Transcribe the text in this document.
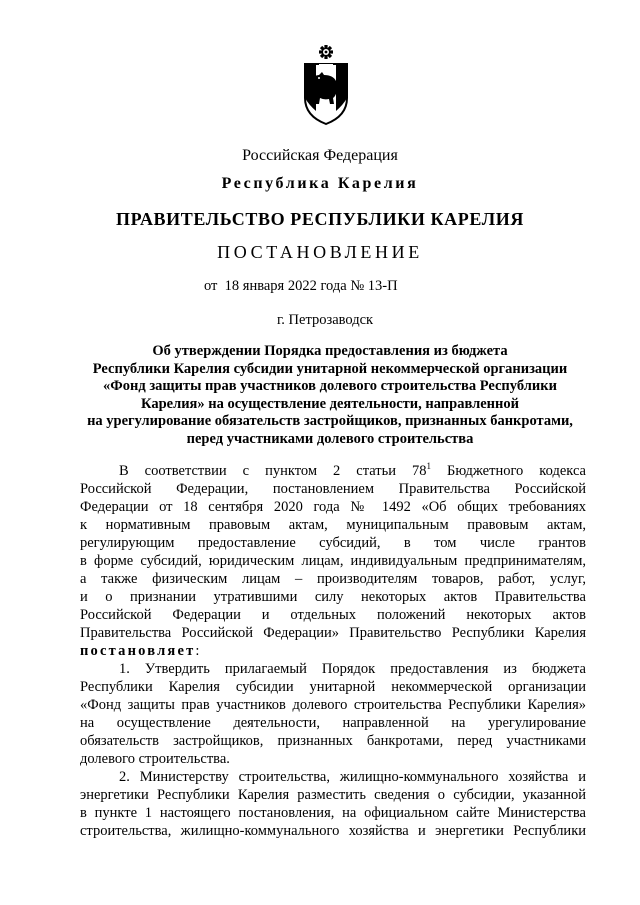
Российская Федерация
Республика Карелия
ПРАВИТЕЛЬСТВО РЕСПУБЛИКИ КАРЕЛИЯ
ПОСТАНОВЛЕНИЕ
от  18 января 2022 года № 13-П
г. Петрозаводск
Об утверждении Порядка предоставления из бюджета
Республики Карелия субсидии унитарной некоммерческой организации
«Фонд защиты прав участников долевого строительства Республики
Карелия» на осуществление деятельности, направленной
на урегулирование обязательств застройщиков, признанных банкротами,
перед участниками долевого строительства
В соответствии с пунктом 2 статьи $78^1$ Бюджетного кодекса
Российской Федерации, постановлением Правительства Российской
Федерации от 18 сентября 2020 года № 1492 «Об общих требованиях
к нормативным правовым актам, муниципальным правовым актам,
регулирующим предоставление субсидий, в том числе грантов
в форме субсидий, юридическим лицам, индивидуальным предпринимателям,
а также физическим лицам – производителям товаров, работ, услуг,
и о признании утратившими силу некоторых актов Правительства
Российской Федерации и отдельных положений некоторых актов
Правительства Российской Федерации» Правительство Республики Карелия
постановляет:
1. Утвердить прилагаемый Порядок предоставления из бюджета
Республики Карелия субсидии унитарной некоммерческой организации
«Фонд защиты прав участников долевого строительства Республики Карелия»
на осуществление деятельности, направленной на урегулирование
обязательств застройщиков, признанных банкротами, перед участниками
долевого строительства.
2. Министерству строительства, жилищно-коммунального хозяйства и
энергетики Республики Карелия разместить сведения о субсидии, указанной
в пункте 1 настоящего постановления, на официальном сайте Министерства
строительства, жилищно-коммунального хозяйства и энергетики Республики
